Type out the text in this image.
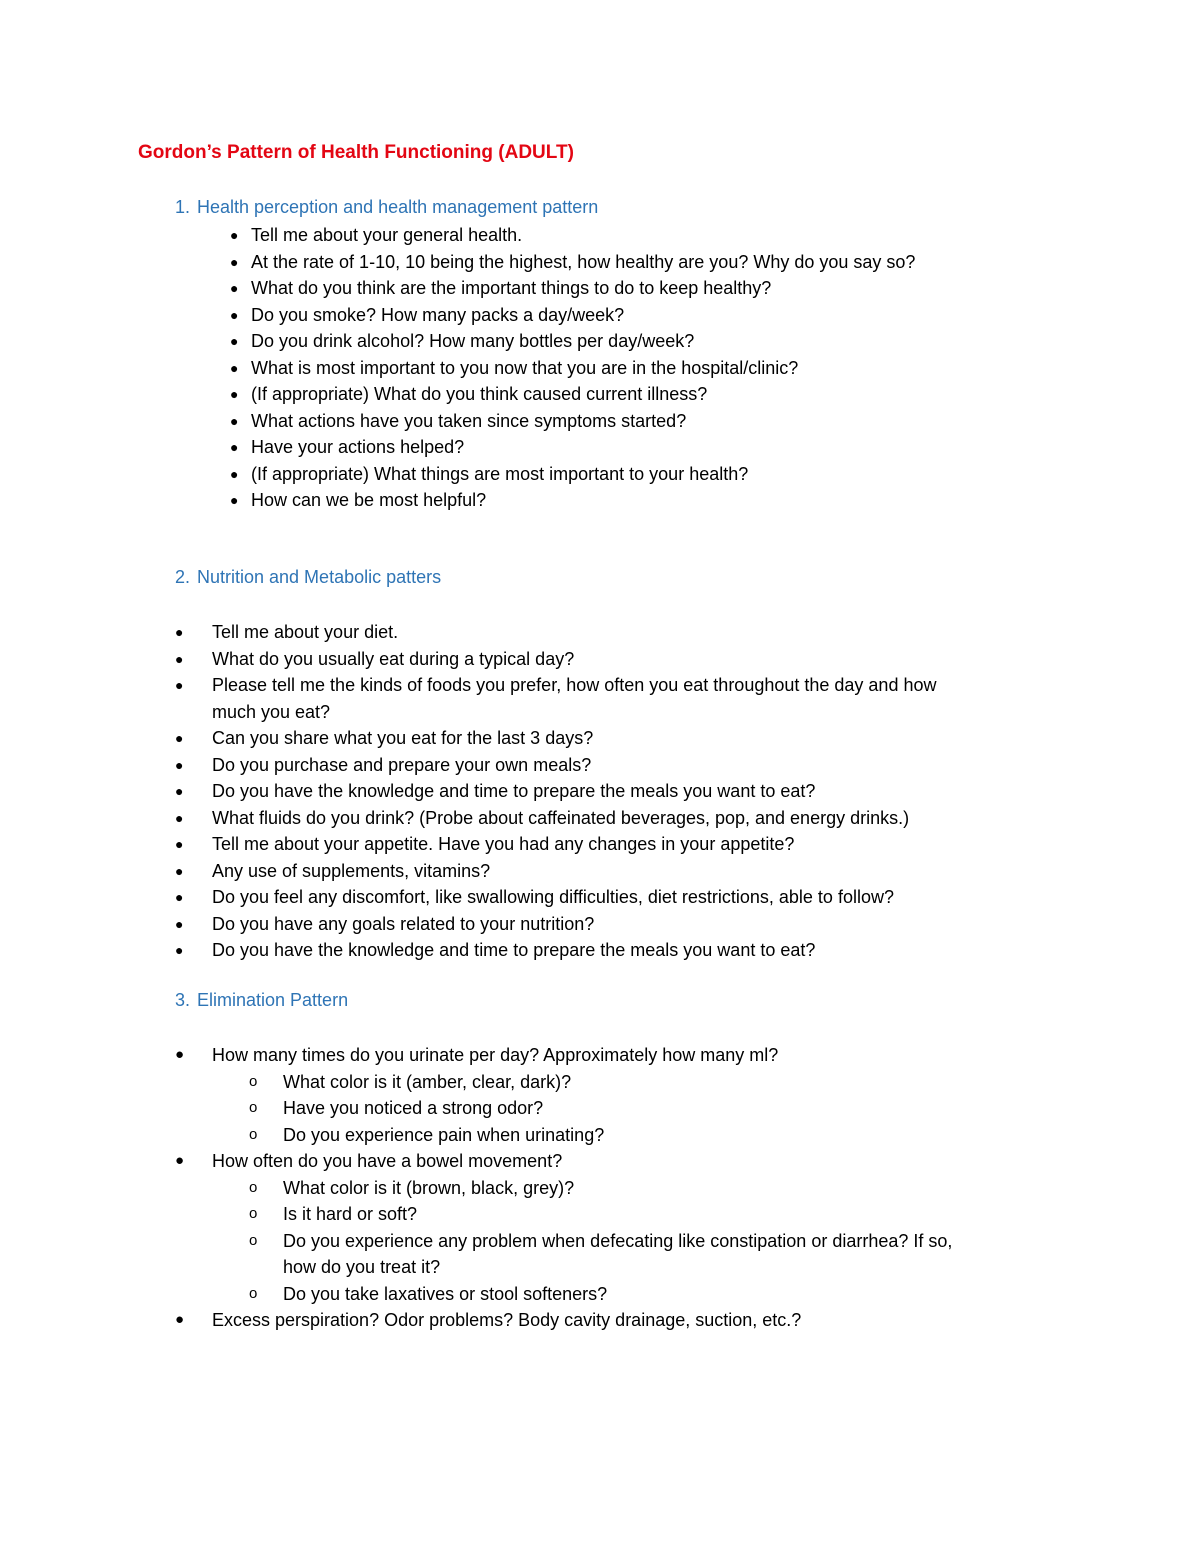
Gordon’s Pattern of Health Functioning (ADULT)
1. Health perception and health management pattern
● Tell me about your general health.
● At the rate of 1-10, 10 being the highest, how healthy are you? Why do you say so?
● What do you think are the important things to do to keep healthy?
● Do you smoke? How many packs a day/week?
● Do you drink alcohol? How many bottles per day/week?
● What is most important to you now that you are in the hospital/clinic?
● (If appropriate) What do you think caused current illness?
● What actions have you taken since symptoms started?
● Have your actions helped?
● (If appropriate) What things are most important to your health?
● How can we be most helpful?
2. Nutrition and Metabolic patters
● Tell me about your diet.
● What do you usually eat during a typical day?
● Please tell me the kinds of foods you prefer, how often you eat throughout the day and how
much you eat?
● Can you share what you eat for the last 3 days?
● Do you purchase and prepare your own meals?
● Do you have the knowledge and time to prepare the meals you want to eat?
● What fluids do you drink? (Probe about caffeinated beverages, pop, and energy drinks.)
● Tell me about your appetite. Have you had any changes in your appetite?
● Any use of supplements, vitamins?
● Do you feel any discomfort, like swallowing difficulties, diet restrictions, able to follow?
● Do you have any goals related to your nutrition?
● Do you have the knowledge and time to prepare the meals you want to eat?
3. Elimination Pattern
● How many times do you urinate per day? Approximately how many ml?
o What color is it (amber, clear, dark)?
o Have you noticed a strong odor?
o Do you experience pain when urinating?
● How often do you have a bowel movement?
o What color is it (brown, black, grey)?
o Is it hard or soft?
o Do you experience any problem when defecating like constipation or diarrhea? If so,
how do you treat it?
o Do you take laxatives or stool softeners?
● Excess perspiration? Odor problems? Body cavity drainage, suction, etc.?
